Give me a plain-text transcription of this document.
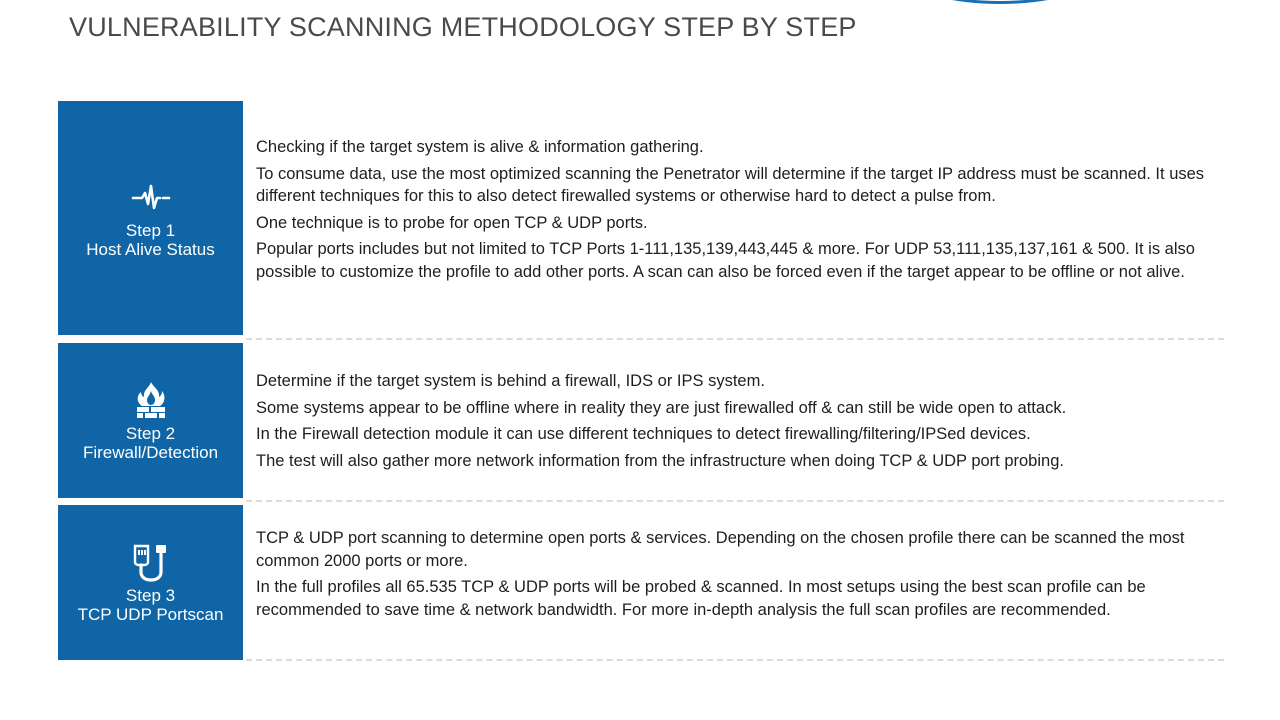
VULNERABILITY SCANNING METHODOLOGY STEP BY STEP
Step 1
Host Alive Status

Checking if the target system is alive & information gathering.

To consume data, use the most optimized scanning the Penetrator will determine if the target IP address must be scanned. It uses different techniques for this to also detect firewalled systems or otherwise hard to detect a pulse from.

One technique is to probe for open TCP & UDP ports.

Popular ports includes but not limited to TCP Ports 1-111,135,139,443,445 & more. For UDP 53,111,135,137,161 & 500. It is also possible to customize the profile to add other ports. A scan can also be forced even if the target appear to be offline or not alive.

Step 2
Firewall/Detection

Determine if the target system is behind a firewall, IDS or IPS system.

Some systems appear to be offline where in reality they are just firewalled off & can still be wide open to attack.

In the Firewall detection module it can use different techniques to detect firewalling/filtering/IPSed devices.

The test will also gather more network information from the infrastructure when doing TCP & UDP port probing.

Step 3
TCP UDP Portscan

TCP & UDP port scanning to determine open ports & services. Depending on the chosen profile there can be scanned the most common 2000 ports or more.

In the full profiles all 65.535 TCP & UDP ports will be probed & scanned. In most setups using the best scan profile can be recommended to save time & network bandwidth. For more in-depth analysis the full scan profiles are recommended.
